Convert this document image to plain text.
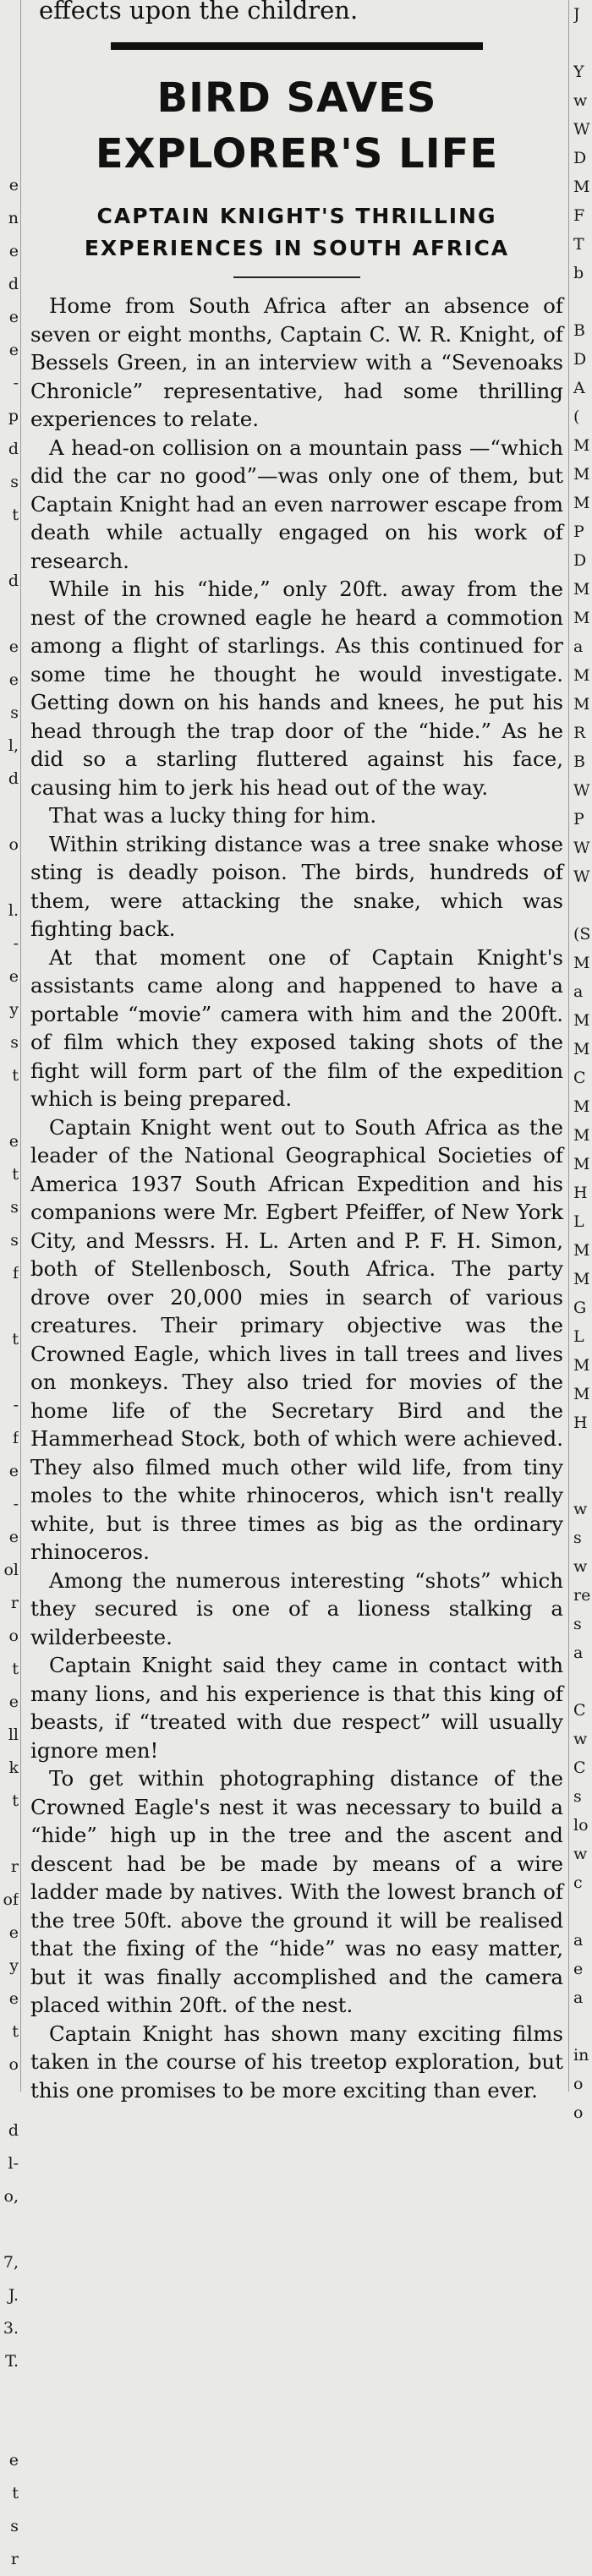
e
n
e
d
e
e
-
p
d
s
t
d
e
e
s
l,
d
o
l.
-
e
y
s
t
e
t
s
s
f
t
-
f
e
-
e
ol
r
o
t
e
ll
k
t
r
of
e
y
e
t
o
d
l-
o,
7,
J.
3.
T.
e
t
s
r
J
Y
w
W
D
M
F
T
b
B
D
A
(
M
M
M
P
D
M
M
a
M
M
R
B
W
P
W
W
(S
M
a
M
M
C
M
M
M
H
L
M
M
G
L
M
M
H
w
s
w
re
s
a
C
w
C
s
lo
w
c
a
e
a
in
o
o

effects upon the children.

BIRD SAVES EXPLORER'S LIFE
CAPTAIN KNIGHT'S THRILLING EXPERIENCES IN SOUTH AFRICA

Home from South Africa after an absence of seven or eight months, Captain C. W. R. Knight, of Bessels Green, in an interview with a “Sevenoaks Chronicle” representative, had some thrilling experiences to relate.

A head-on collision on a mountain pass —“which did the car no good”—was only one of them, but Captain Knight had an even narrower escape from death while actually engaged on his work of research.

While in his “hide,” only 20ft. away from the nest of the crowned eagle he heard a commotion among a flight of starlings. As this continued for some time he thought he would investigate. Getting down on his hands and knees, he put his head through the trap door of the “hide.” As he did so a starling fluttered against his face, causing him to jerk his head out of the way.

That was a lucky thing for him.

Within striking distance was a tree snake whose sting is deadly poison. The birds, hundreds of them, were attacking the snake, which was fighting back.

At that moment one of Captain Knight's assistants came along and happened to have a portable “movie” camera with him and the 200ft. of film which they exposed taking shots of the fight will form part of the film of the expedition which is being prepared.

Captain Knight went out to South Africa as the leader of the National Geographical Societies of America 1937 South African Expedition and his companions were Mr. Egbert Pfeiffer, of New York City, and Messrs. H. L. Arten and P. F. H. Simon, both of Stellenbosch, South Africa. The party drove over 20,000 mies in search of various creatures. Their primary objective was the Crowned Eagle, which lives in tall trees and lives on monkeys. They also tried for movies of the home life of the Secretary Bird and the Hammerhead Stock, both of which were achieved. They also filmed much other wild life, from tiny moles to the white rhinoceros, which isn't really white, but is three times as big as the ordinary rhinoceros.

Among the numerous interesting “shots” which they secured is one of a lioness stalking a wilderbeeste.

Captain Knight said they came in contact with many lions, and his experience is that this king of beasts, if “treated with due respect” will usually ignore men!

To get within photographing distance of the Crowned Eagle's nest it was necessary to build a “hide” high up in the tree and the ascent and descent had be be made by means of a wire ladder made by natives. With the lowest branch of the tree 50ft. above the ground it will be realised that the fixing of the “hide” was no easy matter, but it was finally accomplished and the camera placed within 20ft. of the nest.

Captain Knight has shown many exciting films taken in the course of his treetop exploration, but this one promises to be more exciting than ever.
